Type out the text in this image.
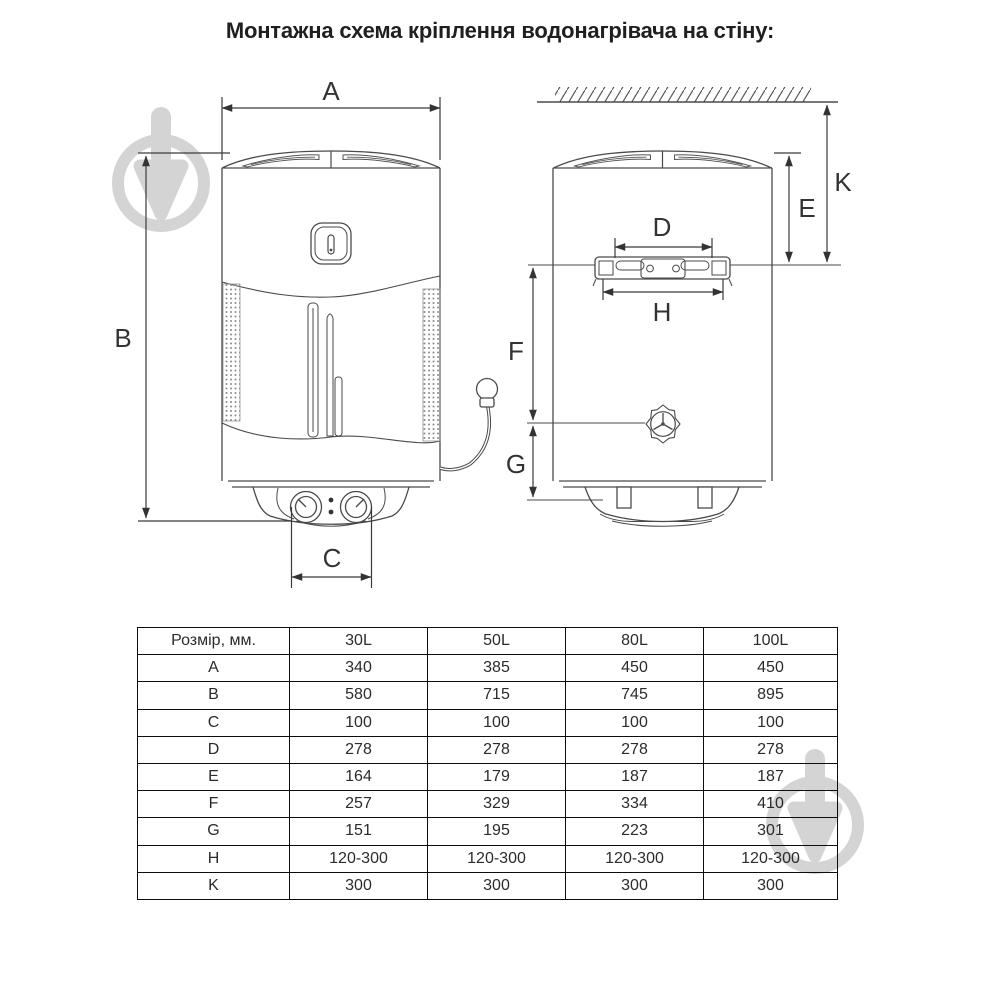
Монтажна схема кріплення водонагрівача на стіну:
A
B
C
D
E
F
G
H
K
Розмір, мм.	30L	50L	80L	100L
A	340	385	450	450
B	580	715	745	895
C	100	100	100	100
D	278	278	278	278
E	164	179	187	187
F	257	329	334	410
G	151	195	223	301
H	120-300	120-300	120-300	120-300
K	300	300	300	300
